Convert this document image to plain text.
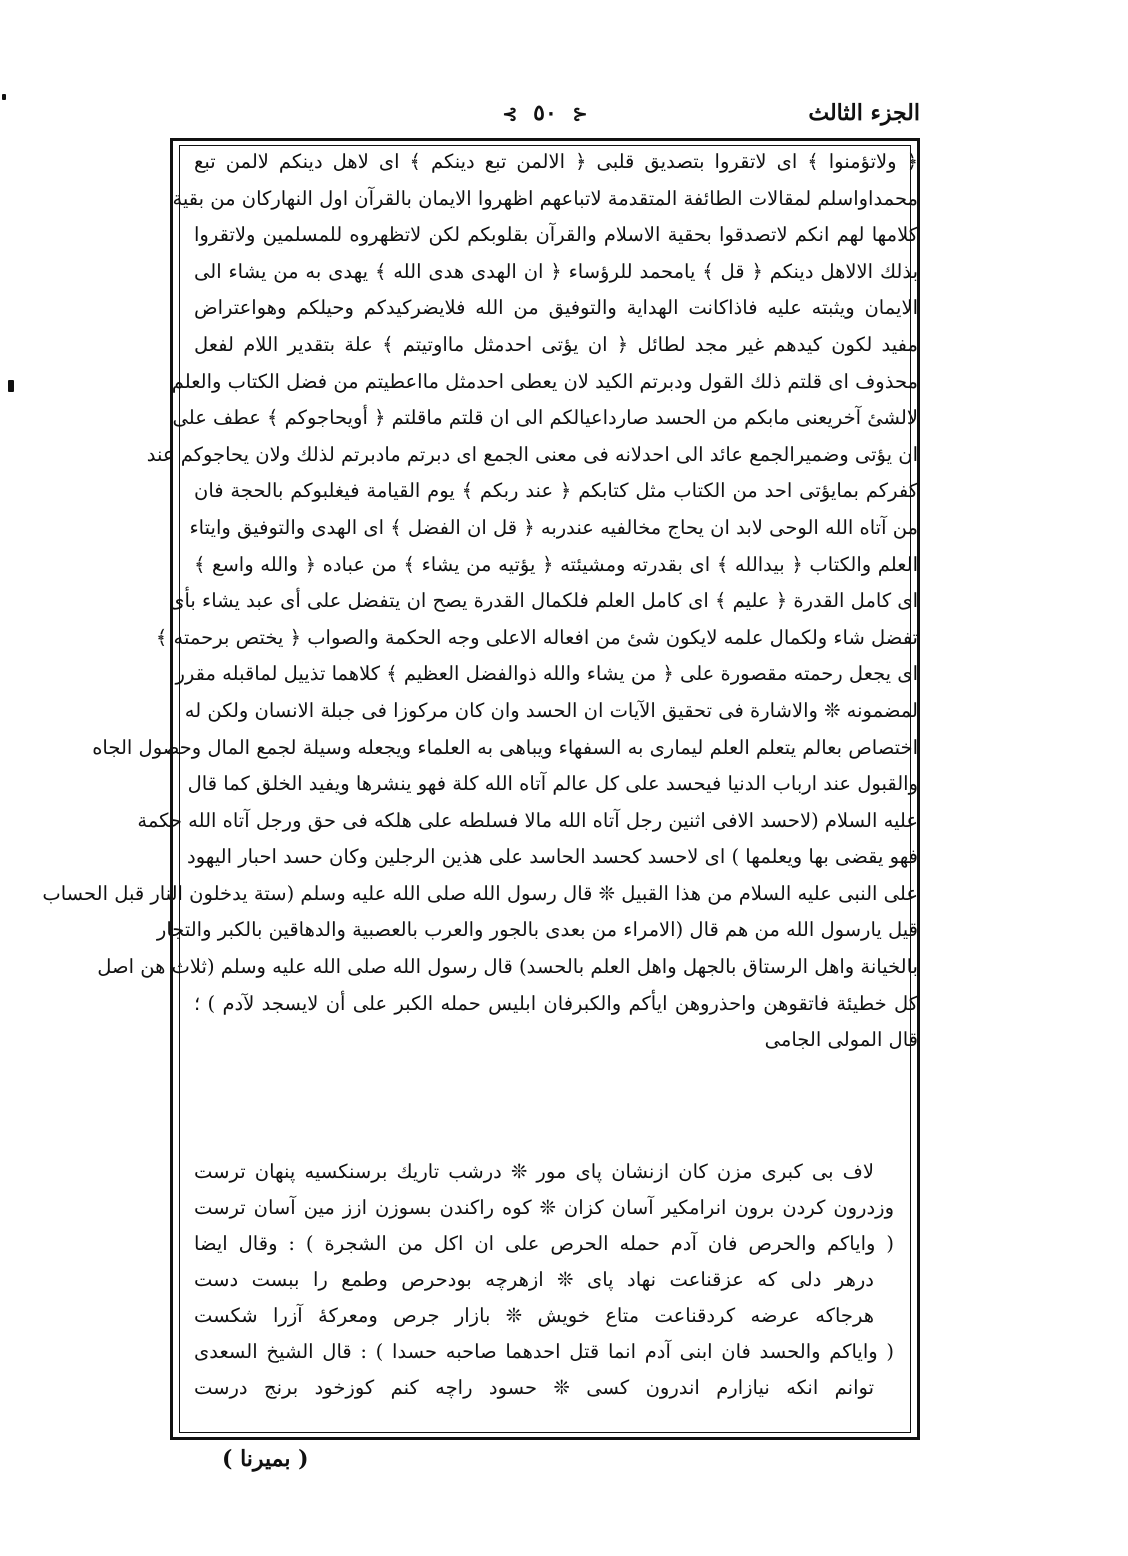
الجزء الثالث
⊰ ٥٠ ⊱
﴿ ولاتؤمنوا ﴾ اى لاتقروا بتصديق قلبى ﴿ الالمن تبع دينكم ﴾ اى لاهل دينكم لالمن تبع
محمداواسلم لمقالات الطائفة المتقدمة لاتباعهم اظهروا الايمان بالقرآن اول النهاركان من بقية
كلامها لهم انكم لاتصدقوا بحقية الاسلام والقرآن بقلوبكم لكن لاتظهروه للمسلمين ولاتقروا
بذلك الالاهل دينكم ﴿ قل ﴾ يامحمد للرؤساء ﴿ ان الهدى هدى الله ﴾ يهدى به من يشاء الى
الايمان ويثبته عليه فاذاكانت الهداية والتوفيق من الله فلايضركيدكم وحيلكم وهواعتراض
مفيد لكون كيدهم غير مجد لطائل ﴿ ان يؤتى احدمثل مااوتيتم ﴾ علة بتقدير اللام لفعل
محذوف اى قلتم ذلك القول ودبرتم الكيد لان يعطى احدمثل مااعطيتم من فضل الكتاب والعلم
لالشئ آخريعنى مابكم من الحسد صارداعيالكم الى ان قلتم ماقلتم ﴿ أويحاجوكم ﴾ عطف على
ان يؤتى وضميرالجمع عائد الى احدلانه فى معنى الجمع اى دبرتم مادبرتم لذلك ولان يحاجوكم عند
كفركم بمايؤتى احد من الكتاب مثل كتابكم ﴿ عند ربكم ﴾ يوم القيامة فيغلبوكم بالحجة فان
من آتاه الله الوحى لابد ان يحاج مخالفيه عندربه ﴿ قل ان الفضل ﴾ اى الهدى والتوفيق وايتاء
العلم والكتاب ﴿ بيدالله ﴾ اى بقدرته ومشيئته ﴿ يؤتيه من يشاء ﴾ من عباده ﴿ والله واسع ﴾
اى كامل القدرة ﴿ عليم ﴾ اى كامل العلم فلكمال القدرة يصح ان يتفضل على أى عبد يشاء بأى
تفضل شاء ولكمال علمه لايكون شئ من افعاله الاعلى وجه الحكمة والصواب ﴿ يختص برحمته ﴾
اى يجعل رحمته مقصورة على ﴿ من يشاء والله ذوالفضل العظيم ﴾ كلاهما تذييل لماقبله مقرر
لمضمونه ❊ والاشارة فى تحقيق الآيات ان الحسد وان كان مركوزا فى جبلة الانسان ولكن له
اختصاص بعالم يتعلم العلم ليمارى به السفهاء ويباهى به العلماء ويجعله وسيلة لجمع المال وحصول الجاه
والقبول عند ارباب الدنيا فيحسد على كل عالم آتاه الله كلة فهو ينشرها ويفيد الخلق كما قال
عليه السلام (لاحسد الافى اثنين رجل آتاه الله مالا فسلطه على هلكه فى حق ورجل آتاه الله حكمة
فهو يقضى بها ويعلمها ) اى لاحسد كحسد الحاسد على هذين الرجلين وكان حسد احبار اليهود
على النبى عليه السلام من هذا القبيل ❊ قال رسول الله صلى الله عليه وسلم (ستة يدخلون النار قبل الحساب
قيل يارسول الله من هم قال (الامراء من بعدى بالجور والعرب بالعصبية والدهاقين بالكبر والتجار
بالخيانة واهل الرستاق بالجهل واهل العلم بالحسد) قال رسول الله صلى الله عليه وسلم (ثلاث هن اصل
كل خطيئة فاتقوهن واحذروهن ايأكم والكبرفان ابليس حمله الكبر على أن لايسجد لآدم ) ؛
قال المولى الجامى
لاف بى كبرى مزن كان ازنشان پاى مور ❊ درشب تاريك برسنكسيه پنهان ترست
وزدرون كردن برون انرامكير آسان كزان ❊ كوه راكندن بسوزن ازز مين آسان ترست
( واياكم والحرص فان آدم حمله الحرص على ان اكل من الشجرة ) : وقال ايضا
درهر دلى كه عزقناعت نهاد پاى ❊ ازهرچه بودحرص وطمع را ببست دست
هرجاكه عرضه كردقناعت متاع خويش ❊ بازار جرص ومعركهٔ آزرا شكست
( واياكم والحسد فان ابنى آدم انما قتل احدهما صاحبه حسدا ) : قال الشيخ السعدى
توانم انكه نيازارم اندرون كسى ❊ حسود راچه كنم كوزخود برنج درست
( بميرنا )
